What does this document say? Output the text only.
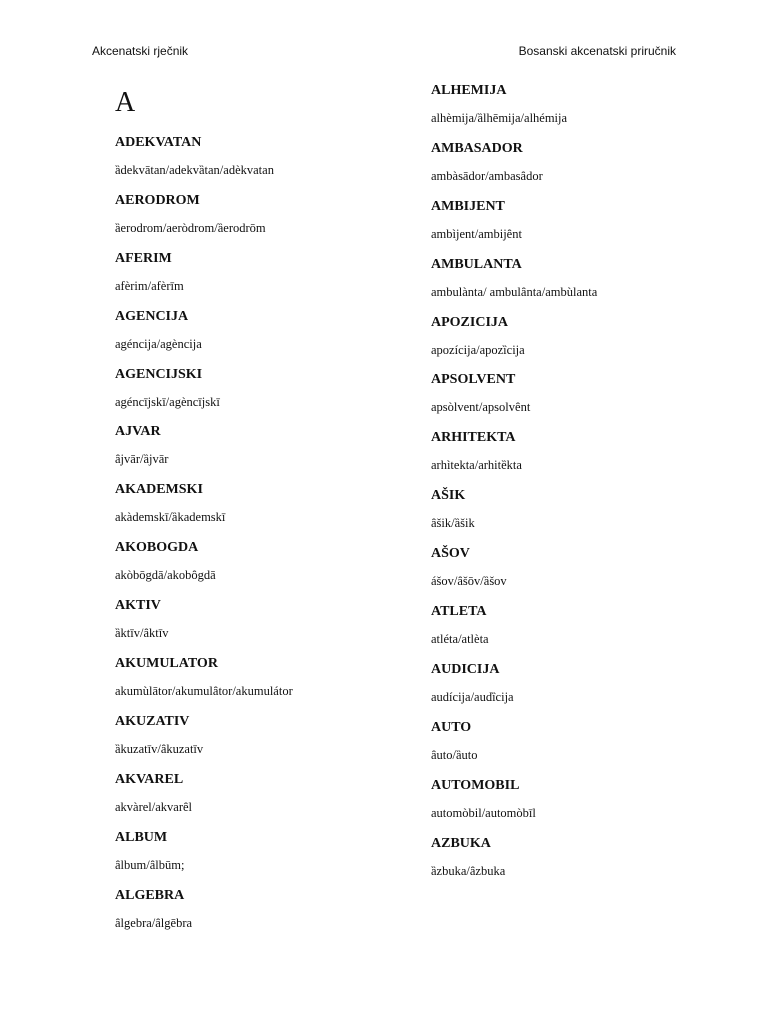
Akcenatski rječnik	Bosanski akcenatski priručnik
A
ADEKVATAN
ȁdekvātan/adekvȁtan/adèkvatan
AERODROM
ȁerodrom/aeròdrom/ȁerodrōm
AFERIM
afèrim/afèrīm
AGENCIJA
agéncija/agèncija
AGENCIJSKI
agéncījskī/agèncījskī
AJVAR
ȃjvār/ȁjvār
AKADEMSKI
akàdemskī/ȁkademskī
AKOBOGDA
akòbōgdā/akobȏgdā
AKTIV
ȁktīv/ȃktīv
AKUMULATOR
akumùlātor/akumulȃtor/akumulátor
AKUZATIV
ȁkuzatīv/ȃkuzatīv
AKVAREL
akvàrel/akvarȇl
ALBUM
ȃlbum/ȃlbūm;
ALGEBRA
ȃlgebra/ȃlgēbra
ALHEMIJA
alhèmija/ȁlhēmija/alhémija
AMBASADOR
ambàsādor/ambasȃdor
AMBIJENT
ambìjent/ambijȇnt
AMBULANTA
ambulànta/ ambulȃnta/ambùlanta
APOZICIJA
apozícija/apozȉcija
APSOLVENT
apsòlvent/apsolvȇnt
ARHITEKTA
arhìtekta/arhitȅkta
AŠIK
ȃšik/ȁšik
AŠOV
ášov/ȃšōv/ȁšov
ATLETA
atléta/atlèta
AUDICIJA
audícija/audȉcija
AUTO
ȃuto/ȁuto
AUTOMOBIL
automòbil/automòbīl
AZBUKA
ȁzbuka/ȃzbuka
